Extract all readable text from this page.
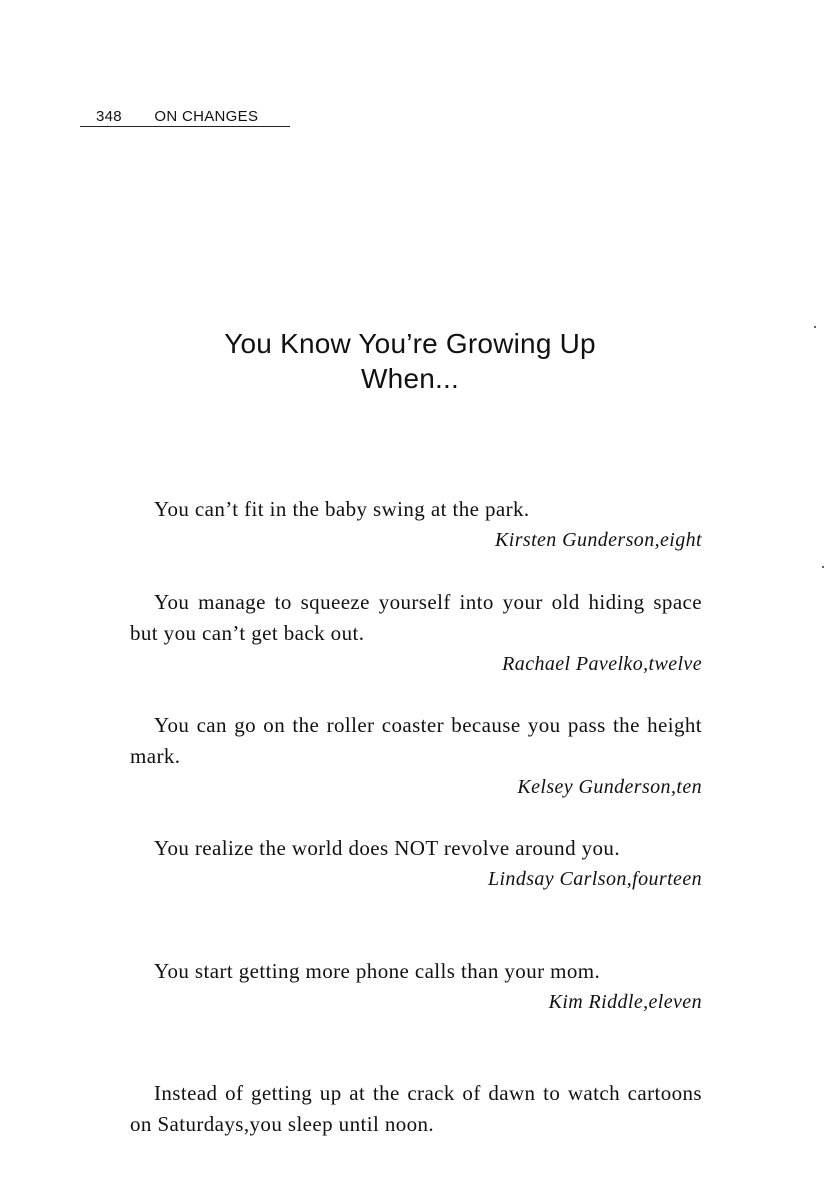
348 ON CHANGES
You Know You’re Growing Up
When...

You can’t fit in the baby swing at the park.

Kirsten Gunderson,eight

You manage to squeeze yourself into your old hiding space but you can’t get back out.

Rachael Pavelko,twelve

You can go on the roller coaster because you pass the height mark.

Kelsey Gunderson,ten

You realize the world does NOT revolve around you.

Lindsay Carlson,fourteen

You start getting more phone calls than your mom.

Kim Riddle,eleven

Instead of getting up at the crack of dawn to watch cartoons on Saturdays,you sleep until noon.
